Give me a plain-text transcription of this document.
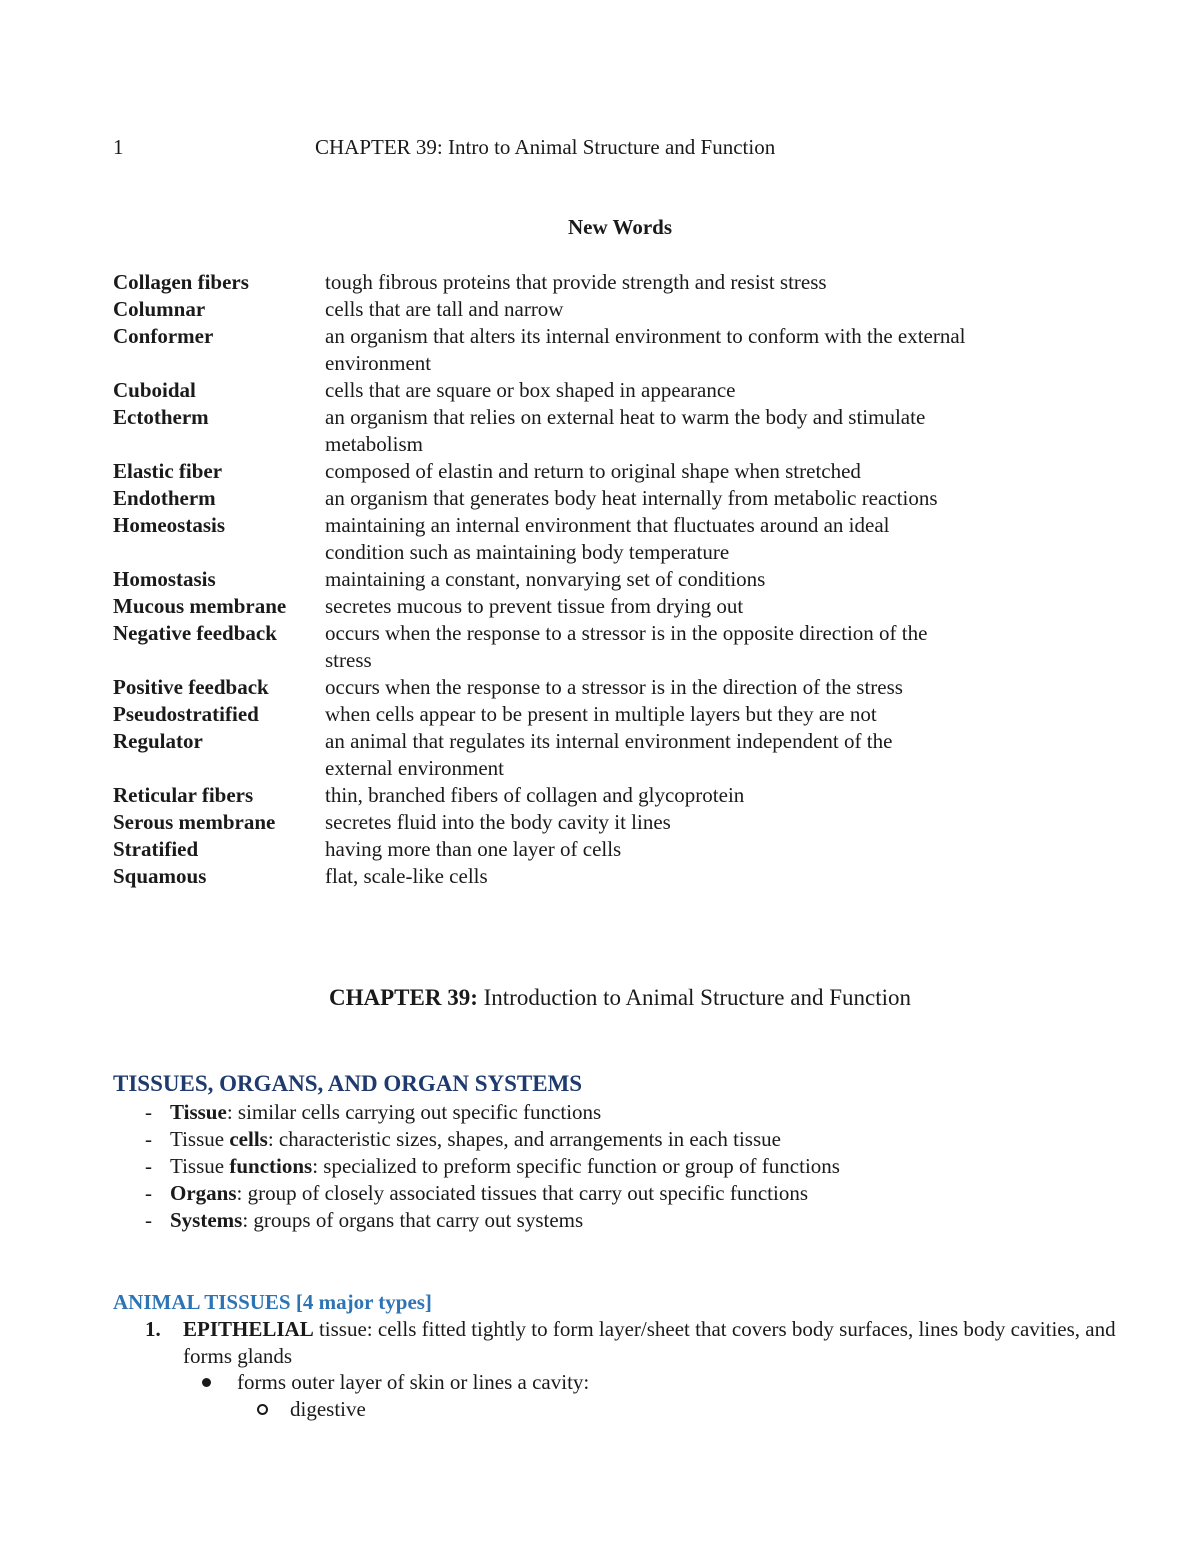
1	CHAPTER 39: Intro to Animal Structure and Function
New Words
Collagen fibers	tough fibrous proteins that provide strength and resist stress
Columnar	cells that are tall and narrow
Conformer	an organism that alters its internal environment to conform with the external
environment
Cuboidal	cells that are square or box shaped in appearance
Ectotherm	an organism that relies on external heat to warm the body and stimulate
metabolism
Elastic fiber	composed of elastin and return to original shape when stretched
Endotherm	an organism that generates body heat internally from metabolic reactions
Homeostasis	maintaining an internal environment that fluctuates around an ideal
condition such as maintaining body temperature
Homostasis	maintaining a constant, nonvarying set of conditions
Mucous membrane	secretes mucous to prevent tissue from drying out
Negative feedback	occurs when the response to a stressor is in the opposite direction of the
stress
Positive feedback	occurs when the response to a stressor is in the direction of the stress
Pseudostratified	when cells appear to be present in multiple layers but they are not
Regulator	an animal that regulates its internal environment independent of the
external environment
Reticular fibers	thin, branched fibers of collagen and glycoprotein
Serous membrane	secretes fluid into the body cavity it lines
Stratified	having more than one layer of cells
Squamous	flat, scale-like cells
CHAPTER 39: Introduction to Animal Structure and Function
TISSUES, ORGANS, AND ORGAN SYSTEMS
- Tissue: similar cells carrying out specific functions
- Tissue cells: characteristic sizes, shapes, and arrangements in each tissue
- Tissue functions: specialized to preform specific function or group of functions
- Organs: group of closely associated tissues that carry out specific functions
- Systems: groups of organs that carry out systems
ANIMAL TISSUES [4 major types]
1.	EPITHELIAL tissue: cells fitted tightly to form layer/sheet that covers body surfaces, lines body cavities, and forms glands
forms outer layer of skin or lines a cavity:
digestive
